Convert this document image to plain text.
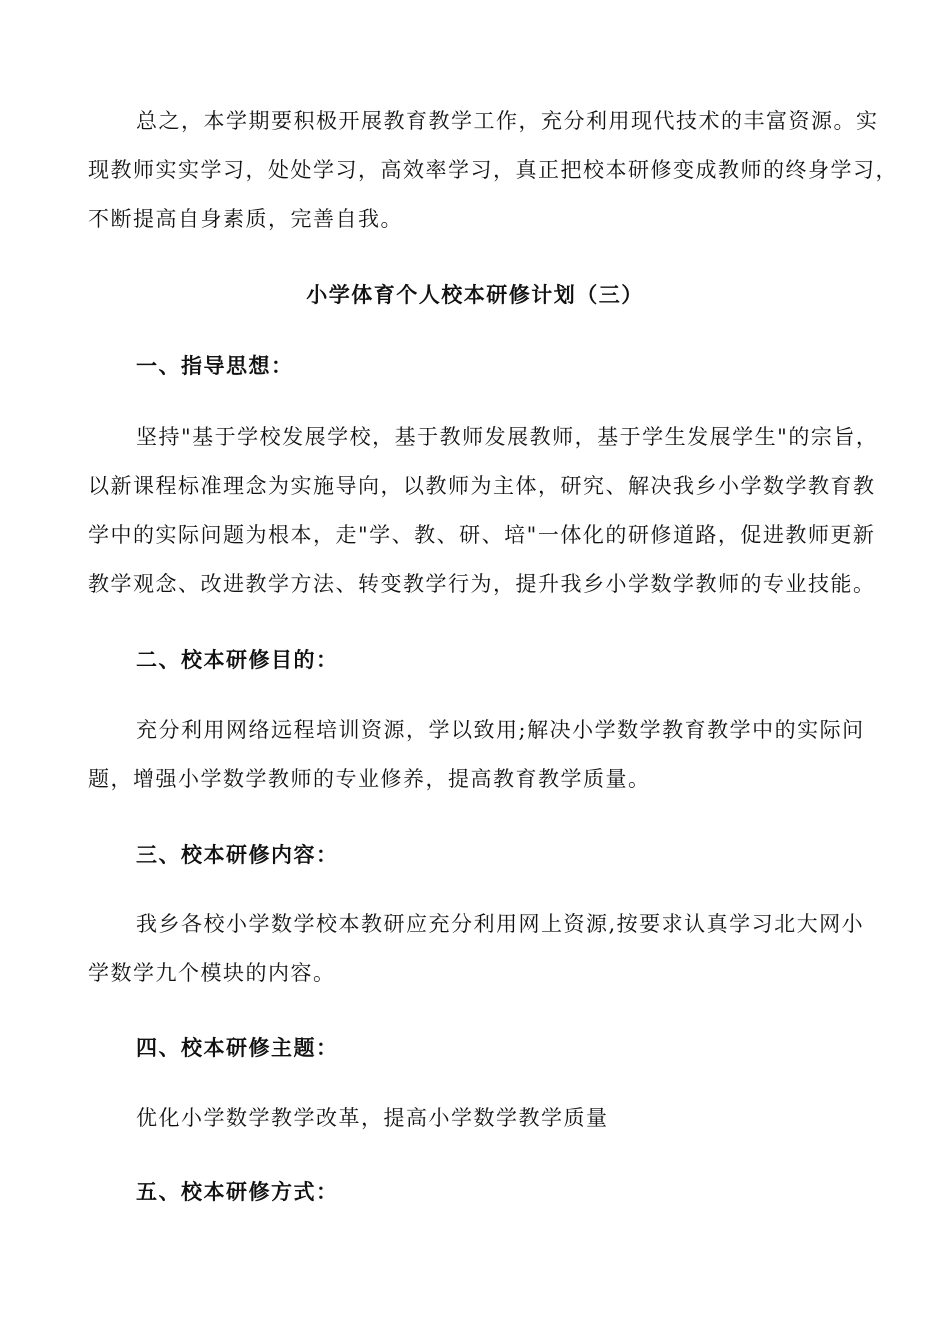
总之，本学期要积极开展教育教学工作，充分利用现代技术的丰富资源。实
现教师实实学习，处处学习，高效率学习，真正把校本研修变成教师的终身学习，
不断提高自身素质，完善自我。
小学体育个人校本研修计划（三）
一、指导思想：
坚持"基于学校发展学校，基于教师发展教师，基于学生发展学生"的宗旨，
以新课程标准理念为实施导向，以教师为主体，研究、解决我乡小学数学教育教
学中的实际问题为根本，走"学、教、研、培"一体化的研修道路，促进教师更新
教学观念、改进教学方法、转变教学行为，提升我乡小学数学教师的专业技能。
二、校本研修目的：
充分利用网络远程培训资源，学以致用;解决小学数学教育教学中的实际问
题，增强小学数学教师的专业修养，提高教育教学质量。
三、校本研修内容：
我乡各校小学数学校本教研应充分利用网上资源,按要求认真学习北大网小
学数学九个模块的内容。
四、校本研修主题：
优化小学数学教学改革，提高小学数学教学质量
五、校本研修方式：
